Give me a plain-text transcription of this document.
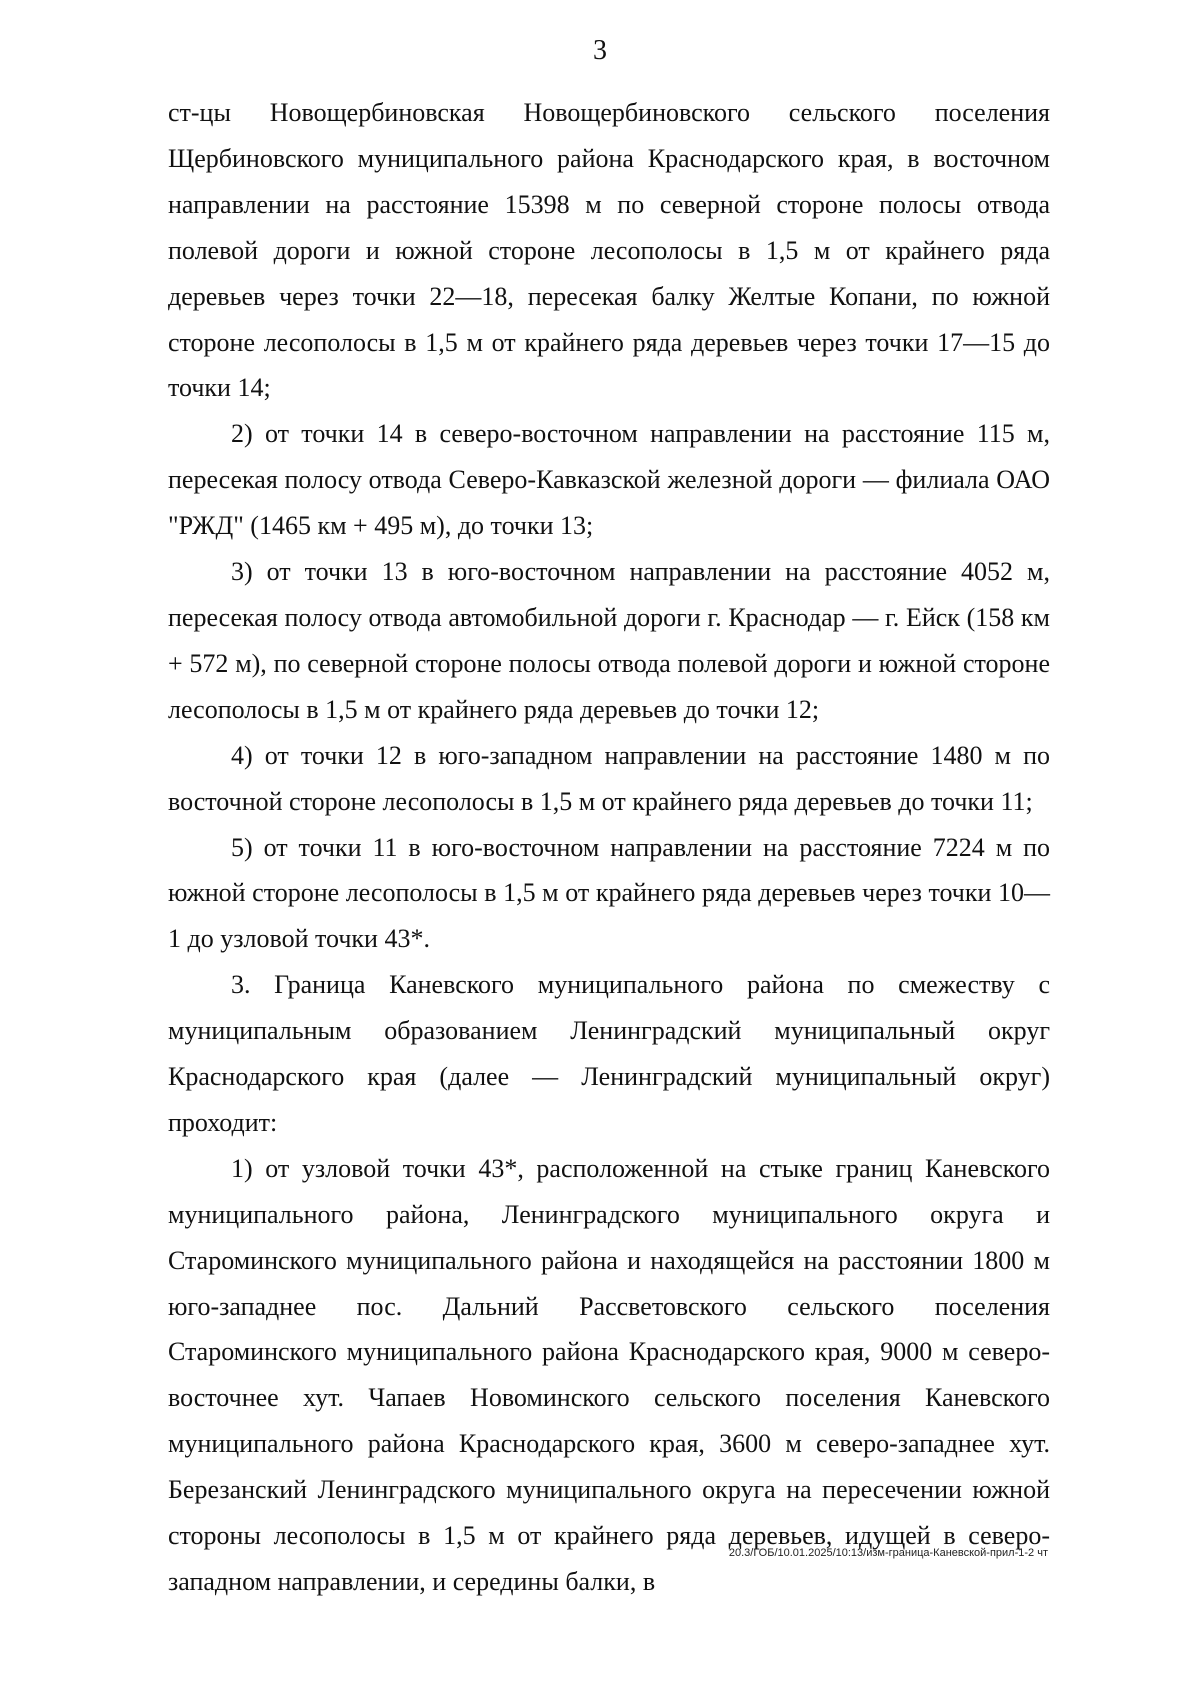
3

ст-цы Новощербиновская Новощербиновского сельского поселения Щербиновского муниципального района Краснодарского края, в восточном направлении на расстояние 15398 м по северной стороне полосы отвода полевой дороги и южной стороне лесополосы в 1,5 м от крайнего ряда деревьев через точки 22—18, пересекая балку Желтые Копани, по южной стороне лесополосы в 1,5 м от крайнего ряда деревьев через точки 17—15 до точки 14;

2) от точки 14 в северо-восточном направлении на расстояние 115 м, пересекая полосу отвода Северо-Кавказской железной дороги — филиала ОАО "РЖД" (1465 км + 495 м), до точки 13;

3) от точки 13 в юго-восточном направлении на расстояние 4052 м, пересекая полосу отвода автомобильной дороги г. Краснодар — г. Ейск (158 км + 572 м), по северной стороне полосы отвода полевой дороги и южной стороне лесополосы в 1,5 м от крайнего ряда деревьев до точки 12;

4) от точки 12 в юго-западном направлении на расстояние 1480 м по восточной стороне лесополосы в 1,5 м от крайнего ряда деревьев до точки 11;

5) от точки 11 в юго-восточном направлении на расстояние 7224 м по южной стороне лесополосы в 1,5 м от крайнего ряда деревьев через точки 10—1 до узловой точки 43*.

3. Граница Каневского муниципального района по смежеству с муниципальным образованием Ленинградский муниципальный округ Краснодарского края (далее — Ленинградский муниципальный округ) проходит:

1) от узловой точки 43*, расположенной на стыке границ Каневского муниципального района, Ленинградского муниципального округа и Староминского муниципального района и находящейся на расстоянии 1800 м юго-западнее пос. Дальний Рассветовского сельского поселения Староминского муниципального района Краснодарского края, 9000 м северо-восточнее хут. Чапаев Новоминского сельского поселения Каневского муниципального района Краснодарского края, 3600 м северо-западнее хут. Березанский Ленинградского муниципального округа на пересечении южной стороны лесополосы в 1,5 м от крайнего ряда деревьев, идущей в северо-западном направлении, и середины балки, в

20.3/ГОБ/10.01.2025/10:13/изм-граница-Каневской-прил-1-2 чт
